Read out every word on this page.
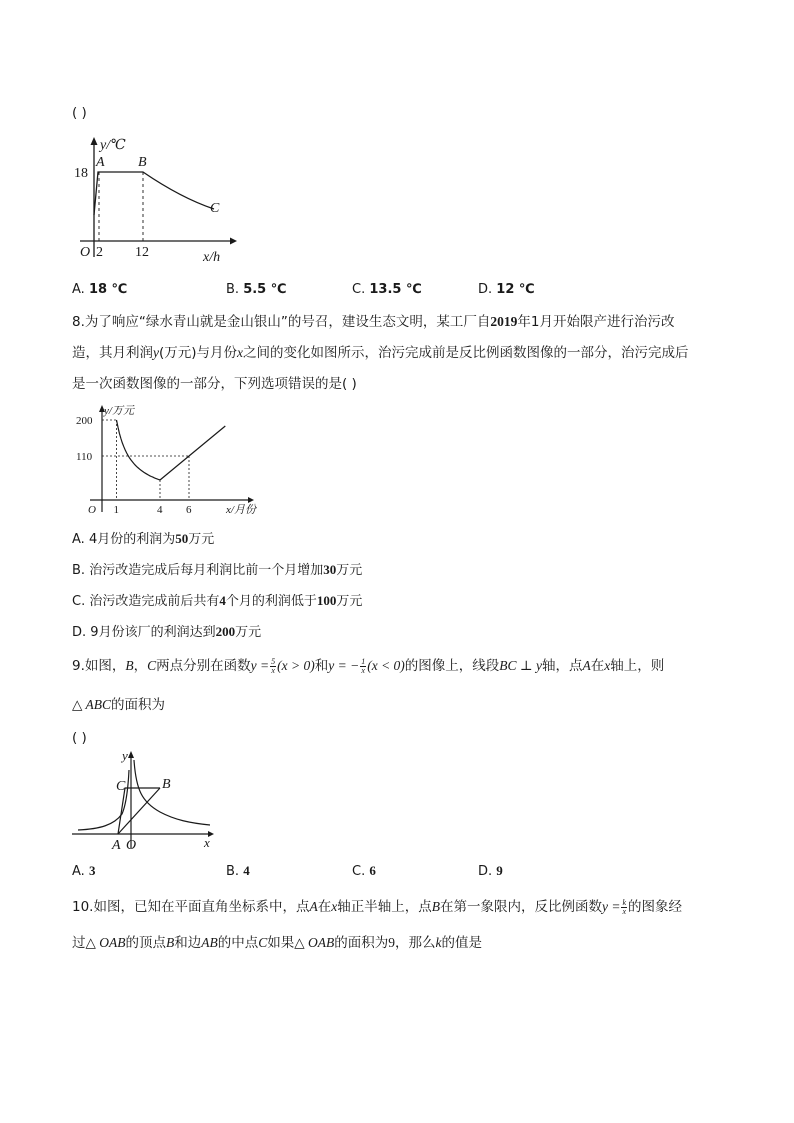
( )
y/℃
18
A B
C
O 2 12	x/h
A. 18 ℃	B. 5.5 ℃	C. 13.5 ℃	D. 12 ℃
8.为了响应“绿水青山就是金山银山”的号召，建设生态文明，某工厂自2019年1月开始限产进行治污改
造，其月利润y(万元)与月份x之间的变化如图所示，治污完成前是反比例函数图像的一部分，治污完成后
是一次函数图像的一部分，下列选项错误的是( )
y/万元
O	x/月份
200
110
1	4 6
A. 4月份的利润为50万元
B. 治污改造完成后每月利润比前一个月增加30万元
C. 治污改造完成前后共有4个月的利润低于100万元
D. 9月份该厂的利润达到200万元
9.如图，B，C两点分别在函数$y = \frac{5}{x} (x > 0)$和y = − $\frac{1}{x} (x < 0)$的图像上，线段BC ⊥ y轴，点A在x轴上，则
△ ABC的面积为
( )
y
C	B
A O	x
A. 3	B. 4	C. 6	D. 9
10.如图，已知在平面直角坐标系中，点A在x轴正半轴上，点B在第一象限内，反比例函数$y = \frac{k}{x}$ 的图象经
过△ OAB的顶点B和边AB的中点C如果△ OAB的面积为9，那么k的值是
